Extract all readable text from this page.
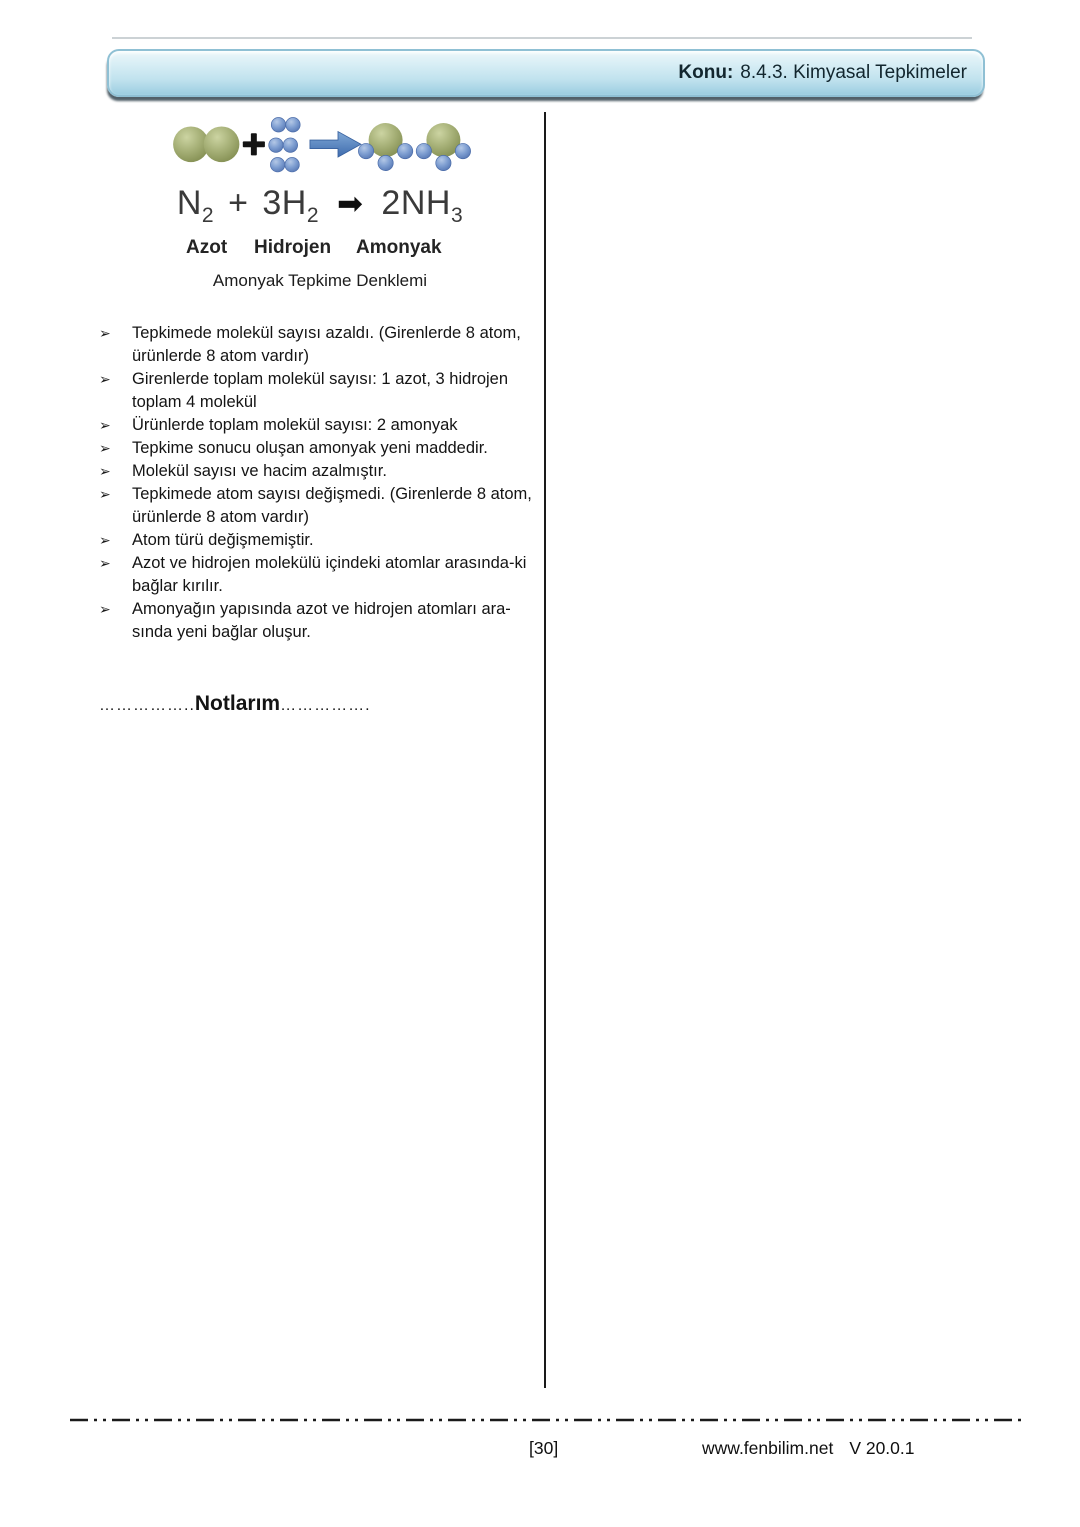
Konu: 8.4.3. Kimyasal Tepkimeler

$N_2 + 3H_2$ ➡ $2NH_3$
Azot Hidrojen Amonyak
Amonyak Tepkime Denklemi
➢	Tepkimede molekül sayısı azaldı. (Girenlerde 8 atom, ürünlerde 8 atom vardır)
➢	Girenlerde toplam molekül sayısı: 1 azot, 3 hidrojen toplam 4 molekül
➢	Ürünlerde toplam molekül sayısı: 2 amonyak
➢	Tepkime sonucu oluşan amonyak yeni maddedir.
➢	Molekül sayısı ve hacim azalmıştır.
➢	Tepkimede atom sayısı değişmedi. (Girenlerde 8 atom, ürünlerde 8 atom vardır)
➢	Atom türü değişmemiştir.
➢	Azot ve hidrojen molekülü içindeki atomlar arasında-ki bağlar kırılır.
➢	Amonyağın yapısında azot ve hidrojen atomları ara-sında yeni bağlar oluşur.
…………….. Notlarım …………….
[30]	www.fenbilim.net V 20.0.1
